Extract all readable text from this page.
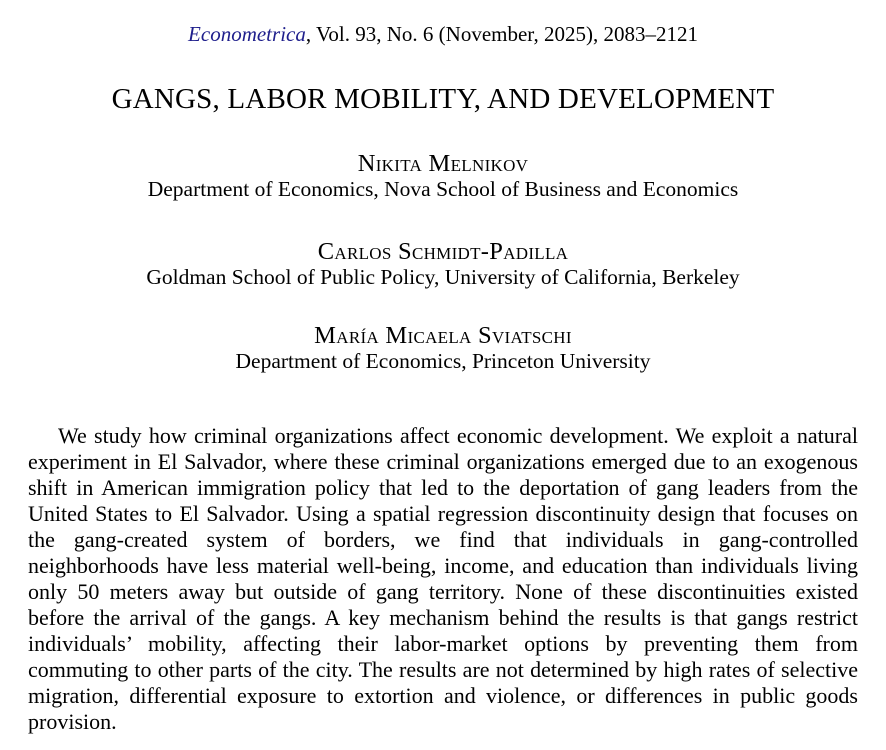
Econometrica, Vol. 93, No. 6 (November, 2025), 2083–2121
GANGS, LABOR MOBILITY, AND DEVELOPMENT
Nikita Melnikov
Department of Economics, Nova School of Business and Economics
Carlos Schmidt-Padilla
Goldman School of Public Policy, University of California, Berkeley
María Micaela Sviatschi
Department of Economics, Princeton University

We study how criminal organizations affect economic development. We exploit a natural experiment in El Salvador, where these criminal organizations emerged due to an exogenous shift in American immigration policy that led to the deportation of gang leaders from the United States to El Salvador. Using a spatial regression discontinuity design that focuses on the gang-created system of borders, we find that individuals in gang-controlled neighborhoods have less material well-being, income, and education than individuals living only 50 meters away but outside of gang territory. None of these discontinuities existed before the arrival of the gangs. A key mechanism behind the results is that gangs restrict individuals’ mobility, affecting their labor-market options by preventing them from commuting to other parts of the city. The results are not determined by high rates of selective migration, differential exposure to extortion and violence, or differences in public goods provision.
